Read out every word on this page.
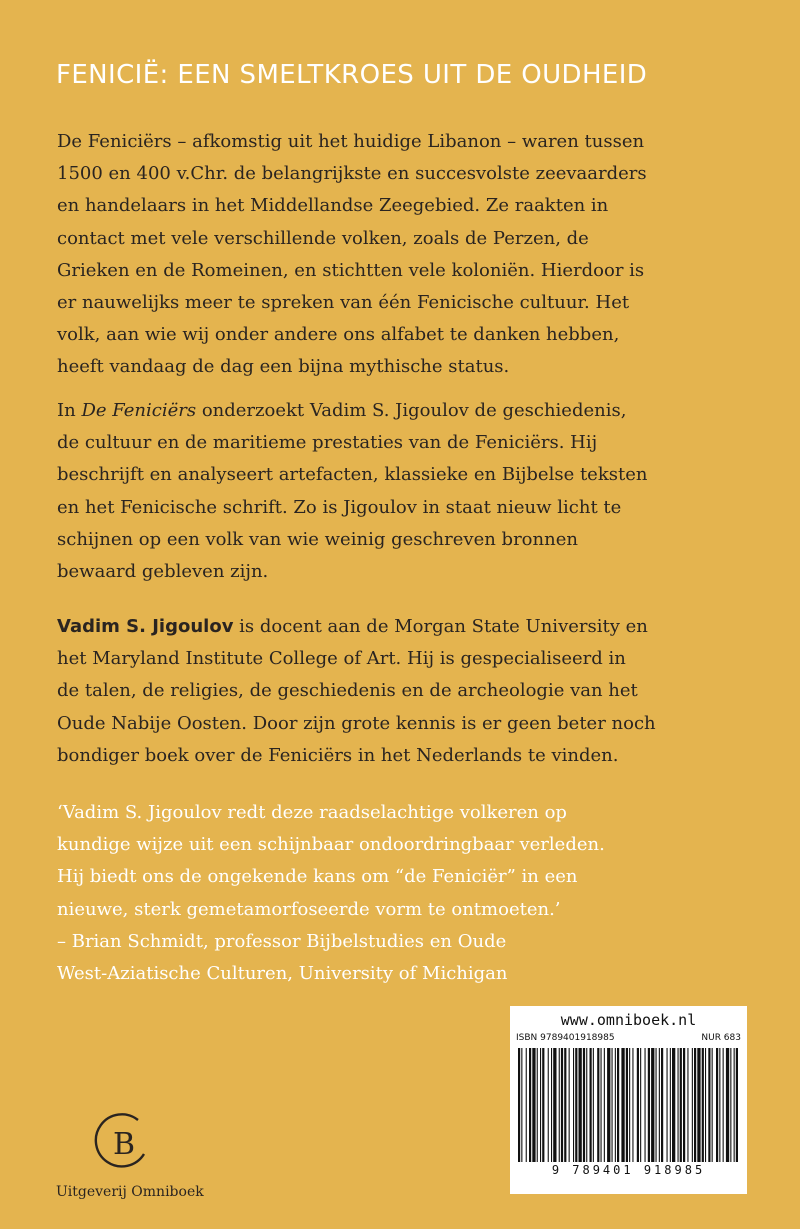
FENICIË: EEN SMELTKROES UIT DE OUDHEID
De Feniciërs – afkomstig uit het huidige Libanon – waren tussen
1500 en 400 v.Chr. de belangrijkste en succesvolste zeevaarders
en handelaars in het Middellandse Zeegebied. Ze raakten in
contact met vele verschillende volken, zoals de Perzen, de
Grieken en de Romeinen, en stichtten vele koloniën. Hierdoor is
er nauwelijks meer te spreken van één Fenicische cultuur. Het
volk, aan wie wij onder andere ons alfabet te danken hebben,
heeft vandaag de dag een bijna mythische status.
In De Feniciërs onderzoekt Vadim S. Jigoulov de geschiedenis,
de cultuur en de maritieme prestaties van de Feniciërs. Hij
beschrijft en analyseert artefacten, klassieke en Bijbelse teksten
en het Fenicische schrift. Zo is Jigoulov in staat nieuw licht te
schijnen op een volk van wie weinig geschreven bronnen
bewaard gebleven zijn.
Vadim S. Jigoulov is docent aan de Morgan State University en
het Maryland Institute College of Art. Hij is gespecialiseerd in
de talen, de religies, de geschiedenis en de archeologie van het
Oude Nabije Oosten. Door zijn grote kennis is er geen beter noch
bondiger boek over de Feniciërs in het Nederlands te vinden.
‘Vadim S. Jigoulov redt deze raadselachtige volkeren op
kundige wijze uit een schijnbaar ondoordringbaar verleden.
Hij biedt ons de ongekende kans om “de Feniciër” in een
nieuwe, sterk gemetamorfoseerde vorm te ontmoeten.’
– Brian Schmidt, professor Bijbelstudies en Oude
West-Aziatische Culturen, University of Michigan
www.omniboek.nl
ISBN 9789401918985	NUR 683
9 789401 918985
B
Uitgeverij Omniboek
